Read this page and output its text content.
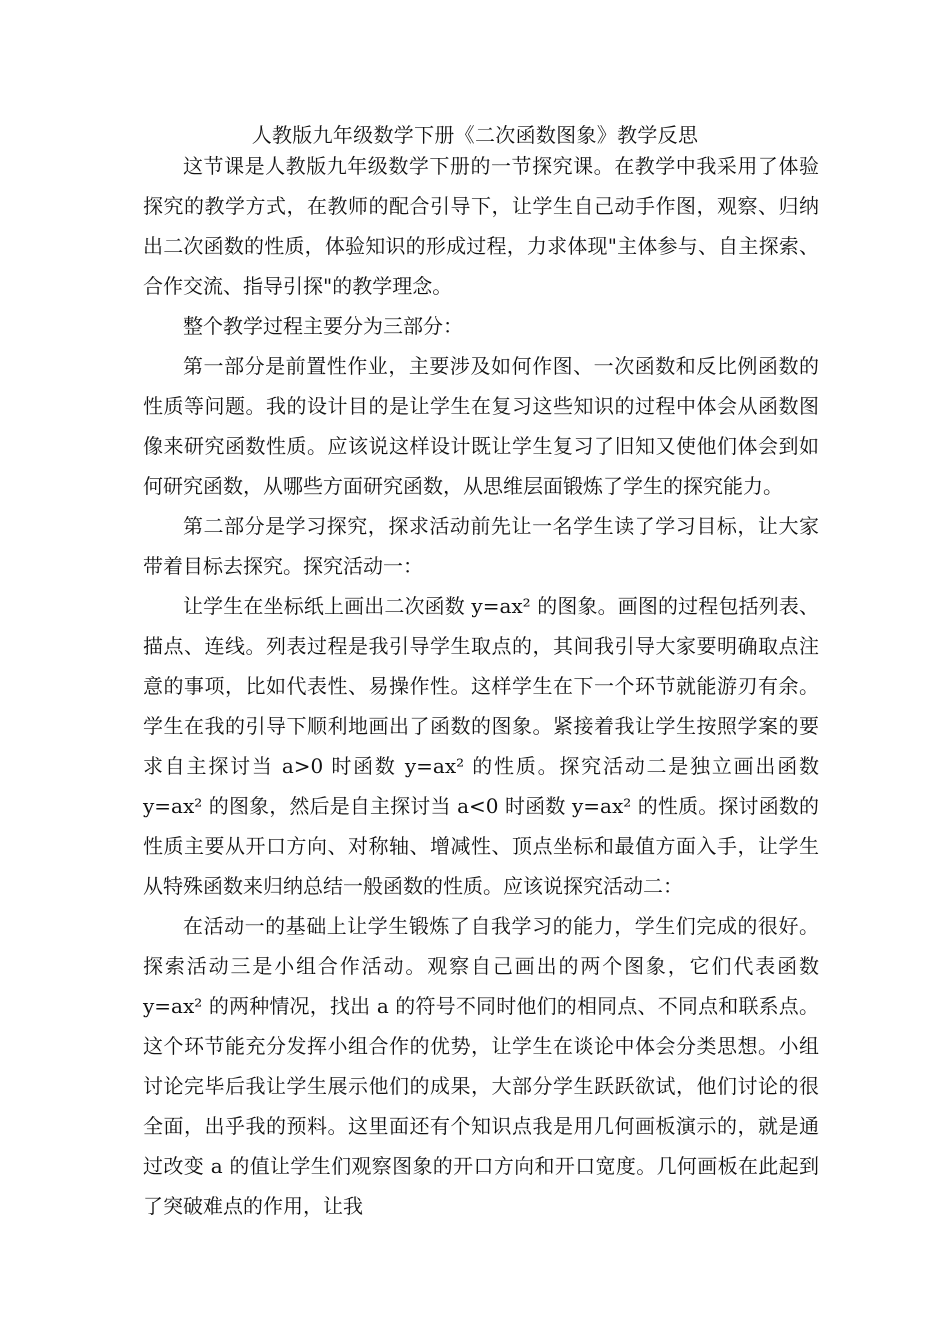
人教版九年级数学下册《二次函数图象》教学反思

这节课是人教版九年级数学下册的一节探究课。在教学中我采用了体验探究的教学方式，在教师的配合引导下，让学生自己动手作图，观察、归纳出二次函数的性质，体验知识的形成过程，力求体现"主体参与、自主探索、合作交流、指导引探"的教学理念。

整个教学过程主要分为三部分：

第一部分是前置性作业，主要涉及如何作图、一次函数和反比例函数的性质等问题。我的设计目的是让学生在复习这些知识的过程中体会从函数图像来研究函数性质。应该说这样设计既让学生复习了旧知又使他们体会到如何研究函数，从哪些方面研究函数，从思维层面锻炼了学生的探究能力。

第二部分是学习探究，探求活动前先让一名学生读了学习目标，让大家带着目标去探究。探究活动一：

让学生在坐标纸上画出二次函数 y=ax² 的图象。画图的过程包括列表、描点、连线。列表过程是我引导学生取点的，其间我引导大家要明确取点注意的事项，比如代表性、易操作性。这样学生在下一个环节就能游刃有余。学生在我的引导下顺利地画出了函数的图象。紧接着我让学生按照学案的要求自主探讨当 a>0 时函数 y=ax² 的性质。探究活动二是独立画出函数 y=ax² 的图象，然后是自主探讨当 a<0 时函数 y=ax² 的性质。探讨函数的性质主要从开口方向、对称轴、增减性、顶点坐标和最值方面入手，让学生从特殊函数来归纳总结一般函数的性质。应该说探究活动二：

在活动一的基础上让学生锻炼了自我学习的能力，学生们完成的很好。探索活动三是小组合作活动。观察自己画出的两个图象，它们代表函数 y=ax² 的两种情况，找出 a 的符号不同时他们的相同点、不同点和联系点。这个环节能充分发挥小组合作的优势，让学生在谈论中体会分类思想。小组讨论完毕后我让学生展示他们的成果，大部分学生跃跃欲试，他们讨论的很全面，出乎我的预料。这里面还有个知识点我是用几何画板演示的，就是通过改变 a 的值让学生们观察图象的开口方向和开口宽度。几何画板在此起到了突破难点的作用，让我
